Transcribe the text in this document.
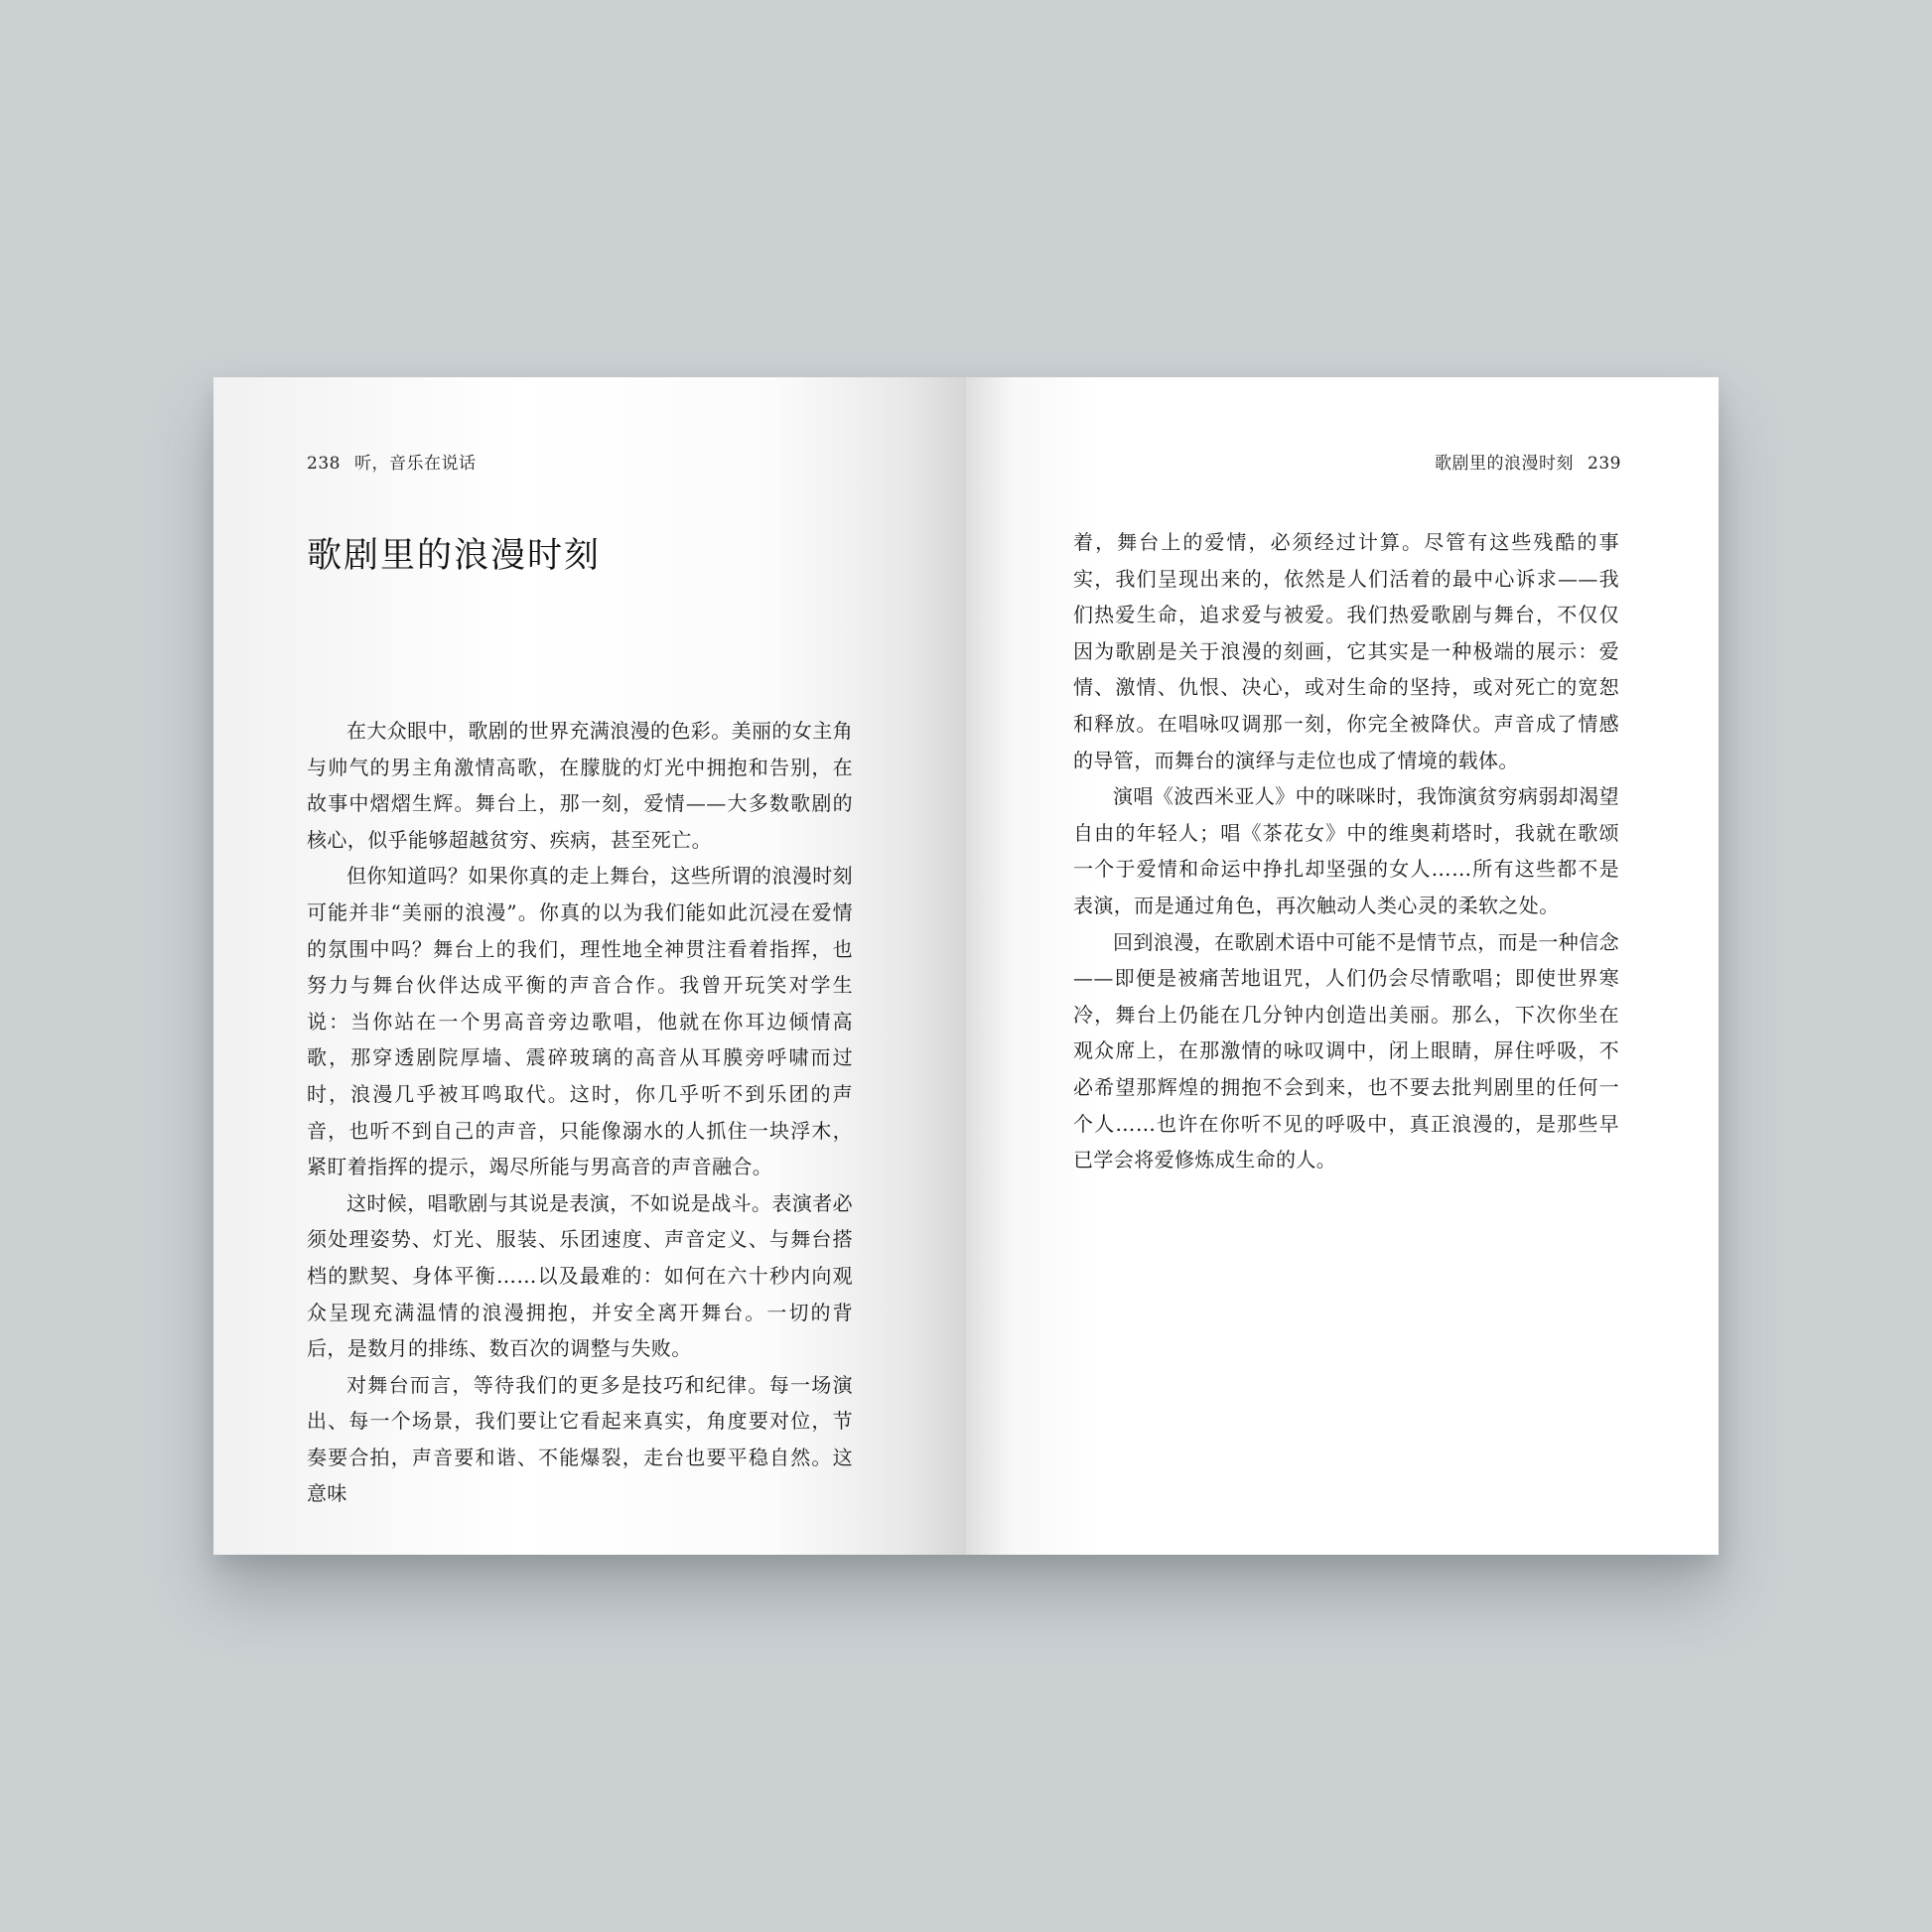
238 听，音乐在说话
歌剧里的浪漫时刻

在大众眼中，歌剧的世界充满浪漫的色彩。美丽的女主角与帅气的男主角激情高歌，在朦胧的灯光中拥抱和告别，在故事中熠熠生辉。舞台上，那一刻，爱情——大多数歌剧的核心，似乎能够超越贫穷、疾病，甚至死亡。

但你知道吗？如果你真的走上舞台，这些所谓的浪漫时刻可能并非“美丽的浪漫”。你真的以为我们能如此沉浸在爱情的氛围中吗？舞台上的我们，理性地全神贯注看着指挥，也努力与舞台伙伴达成平衡的声音合作。我曾开玩笑对学生说：当你站在一个男高音旁边歌唱，他就在你耳边倾情高歌，那穿透剧院厚墙、震碎玻璃的高音从耳膜旁呼啸而过时，浪漫几乎被耳鸣取代。这时，你几乎听不到乐团的声音，也听不到自己的声音，只能像溺水的人抓住一块浮木，紧盯着指挥的提示，竭尽所能与男高音的声音融合。

这时候，唱歌剧与其说是表演，不如说是战斗。表演者必须处理姿势、灯光、服装、乐团速度、声音定义、与舞台搭档的默契、身体平衡……以及最难的：如何在六十秒内向观众呈现充满温情的浪漫拥抱，并安全离开舞台。一切的背后，是数月的排练、数百次的调整与失败。

对舞台而言，等待我们的更多是技巧和纪律。每一场演出、每一个场景，我们要让它看起来真实，角度要对位，节奏要合拍，声音要和谐、不能爆裂，走台也要平稳自然。这意味

歌剧里的浪漫时刻 239

着，舞台上的爱情，必须经过计算。尽管有这些残酷的事实，我们呈现出来的，依然是人们活着的最中心诉求——我们热爱生命，追求爱与被爱。我们热爱歌剧与舞台，不仅仅因为歌剧是关于浪漫的刻画，它其实是一种极端的展示：爱情、激情、仇恨、决心，或对生命的坚持，或对死亡的宽恕和释放。在唱咏叹调那一刻，你完全被降伏。声音成了情感的导管，而舞台的演绎与走位也成了情境的载体。

演唱《波西米亚人》中的咪咪时，我饰演贫穷病弱却渴望自由的年轻人；唱《茶花女》中的维奥莉塔时，我就在歌颂一个于爱情和命运中挣扎却坚强的女人……所有这些都不是表演，而是通过角色，再次触动人类心灵的柔软之处。

回到浪漫，在歌剧术语中可能不是情节点，而是一种信念——即便是被痛苦地诅咒，人们仍会尽情歌唱；即使世界寒冷，舞台上仍能在几分钟内创造出美丽。那么，下次你坐在观众席上，在那激情的咏叹调中，闭上眼睛，屏住呼吸，不必希望那辉煌的拥抱不会到来，也不要去批判剧里的任何一个人……也许在你听不见的呼吸中，真正浪漫的，是那些早已学会将爱修炼成生命的人。
